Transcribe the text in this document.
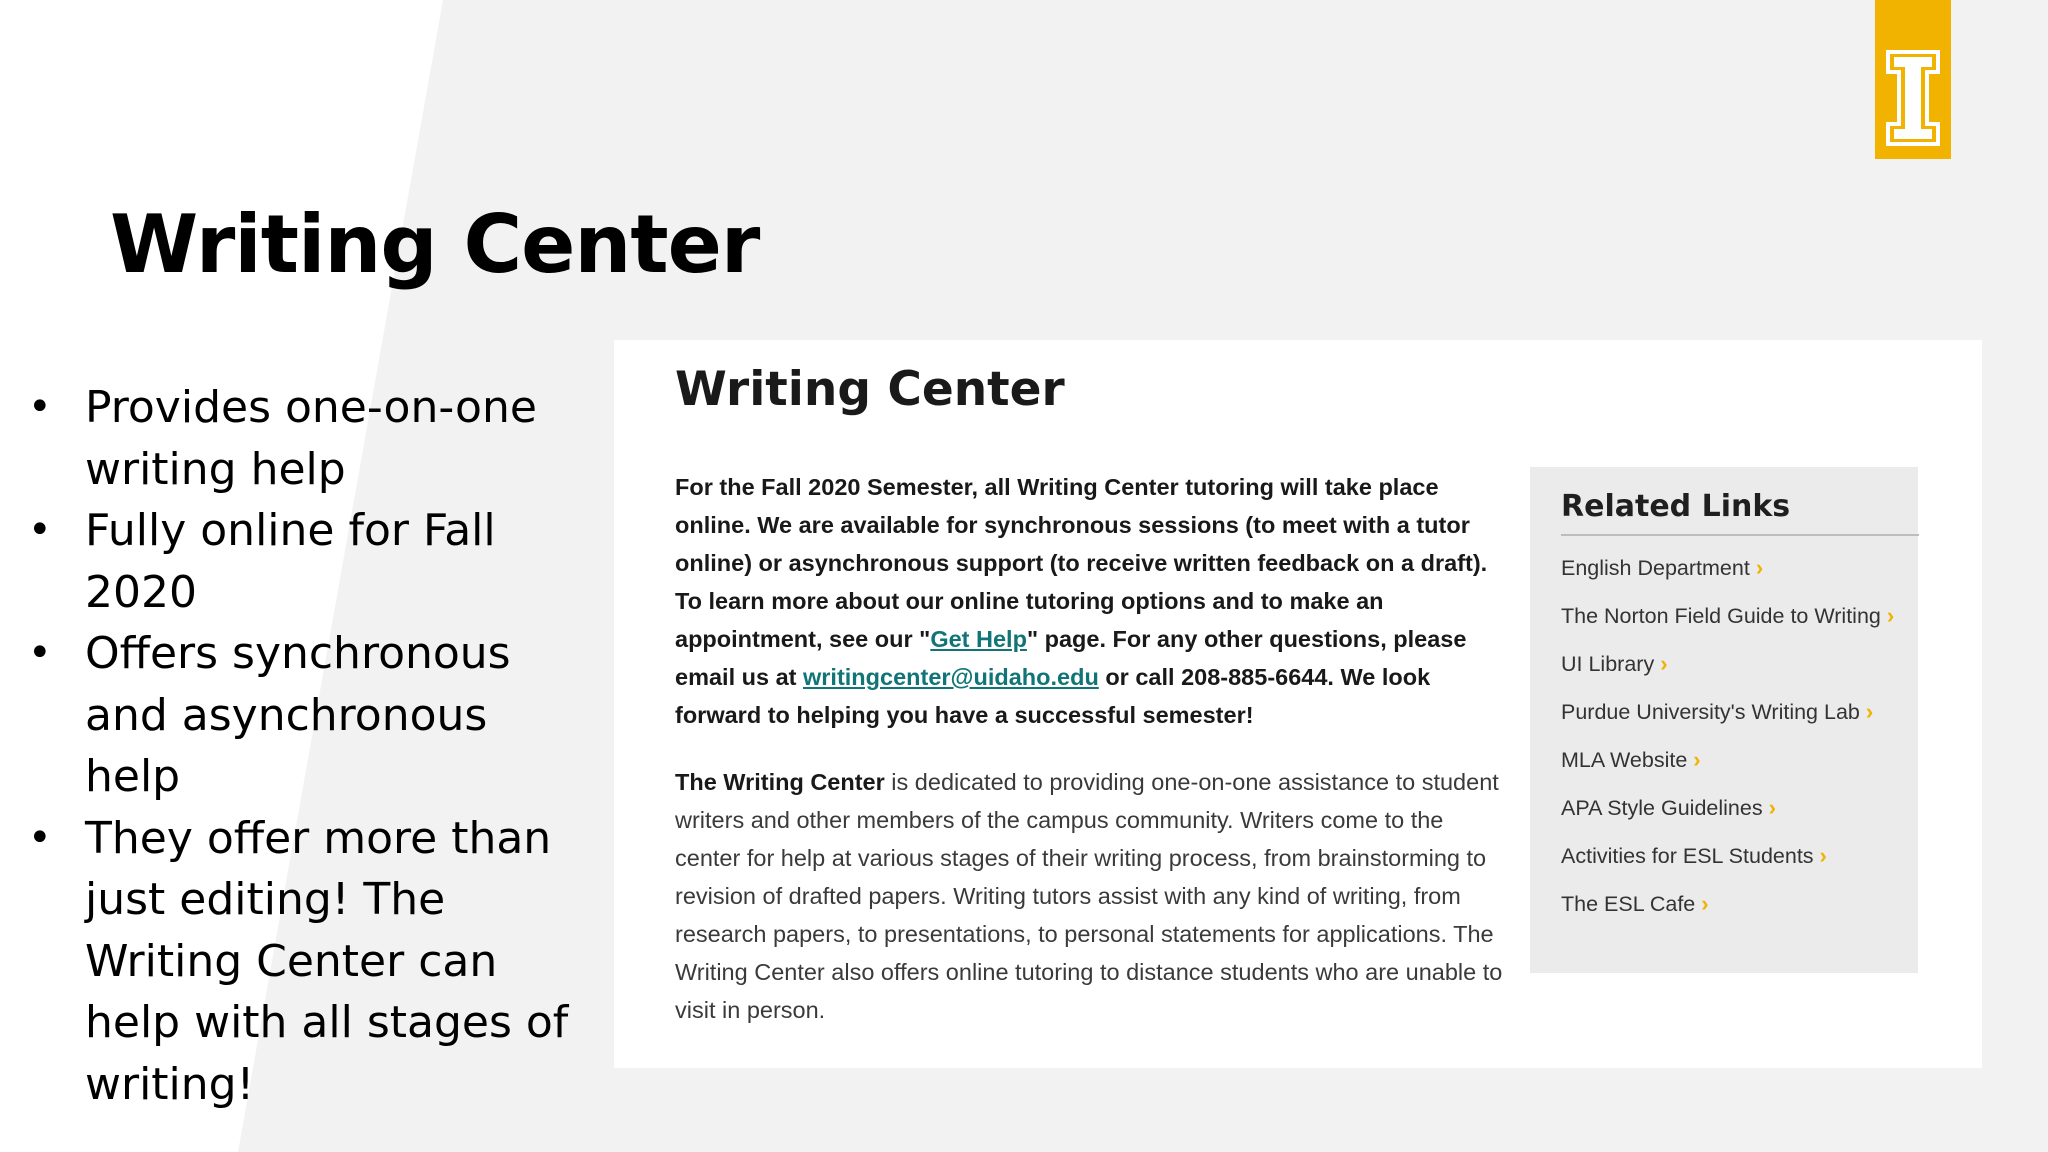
Writing Center
• Provides one-on-one writing help
• Fully online for Fall 2020
• Offers synchronous and asynchronous help
• They offer more than just editing! The Writing Center can help with all stages of writing!
Writing Center

For the Fall 2020 Semester, all Writing Center tutoring will take place online. We are available for synchronous sessions (to meet with a tutor online) or asynchronous support (to receive written feedback on a draft). To learn more about our online tutoring options and to make an appointment, see our "Get Help" page. For any other questions, please email us at writingcenter@uidaho.edu or call 208-885-6644. We look forward to helping you have a successful semester!

The Writing Center is dedicated to providing one-on-one assistance to student writers and other members of the campus community. Writers come to the center for help at various stages of their writing process, from brainstorming to revision of drafted papers. Writing tutors assist with any kind of writing, from research papers, to presentations, to personal statements for applications. The Writing Center also offers online tutoring to distance students who are unable to visit in person.

Related Links
English Department ›
The Norton Field Guide to Writing ›
UI Library ›
Purdue University's Writing Lab ›
MLA Website ›
APA Style Guidelines ›
Activities for ESL Students ›
The ESL Cafe ›
